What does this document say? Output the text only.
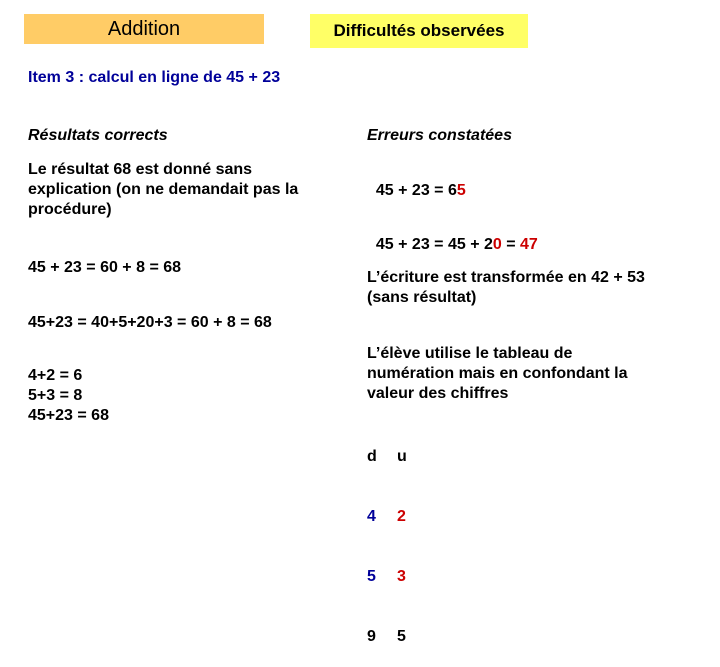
Addition	Difficultés observées
Item 3 : calcul en ligne de 45 + 23
Résultats corrects
Le résultat 68 est donné sans
explication (on ne demandait pas la
procédure)
45 + 23 = 60 + 8 = 68
45+23 = 40+5+20+3 = 60 + 8 = 68
4+2 = 6
5+3 = 8
45+23 = 68
Erreurs constatées

45 + 23 = 65

45 + 23 = 45 + 20 = 47

L’écriture est transformée en 42 + 53
(sans résultat)
L’élève utilise le tableau de
numération mais en confondant la
valeur des chiffres

d u

4 2

5 3

9 5
